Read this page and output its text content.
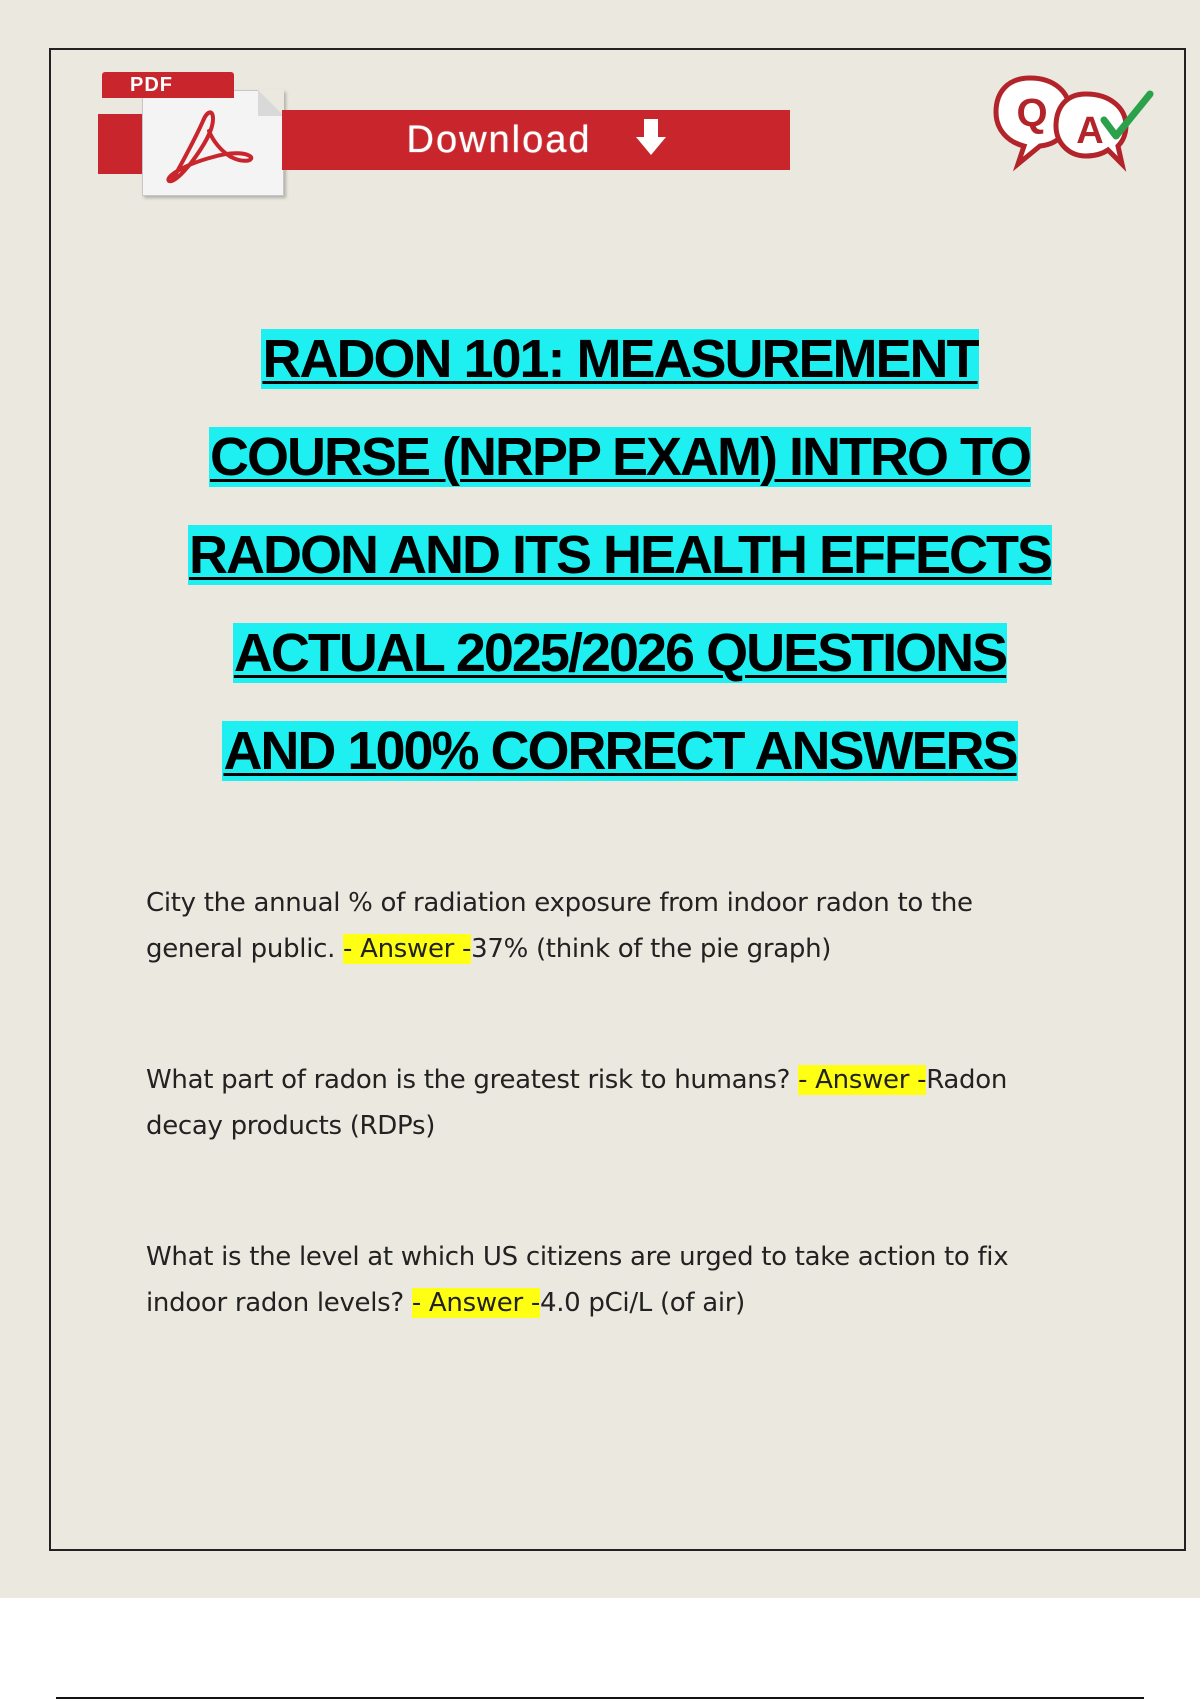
PDF
Download
Q A
RADON 101: MEASUREMENT
COURSE (NRPP EXAM) INTRO TO
RADON AND ITS HEALTH EFFECTS
ACTUAL 2025/2026 QUESTIONS
AND 100% CORRECT ANSWERS
City the annual % of radiation exposure from indoor radon to the general public. - Answer -37% (think of the pie graph)
What part of radon is the greatest risk to humans? - Answer -Radon decay products (RDPs)
What is the level at which US citizens are urged to take action to fix indoor radon levels? - Answer -4.0 pCi/L (of air)
